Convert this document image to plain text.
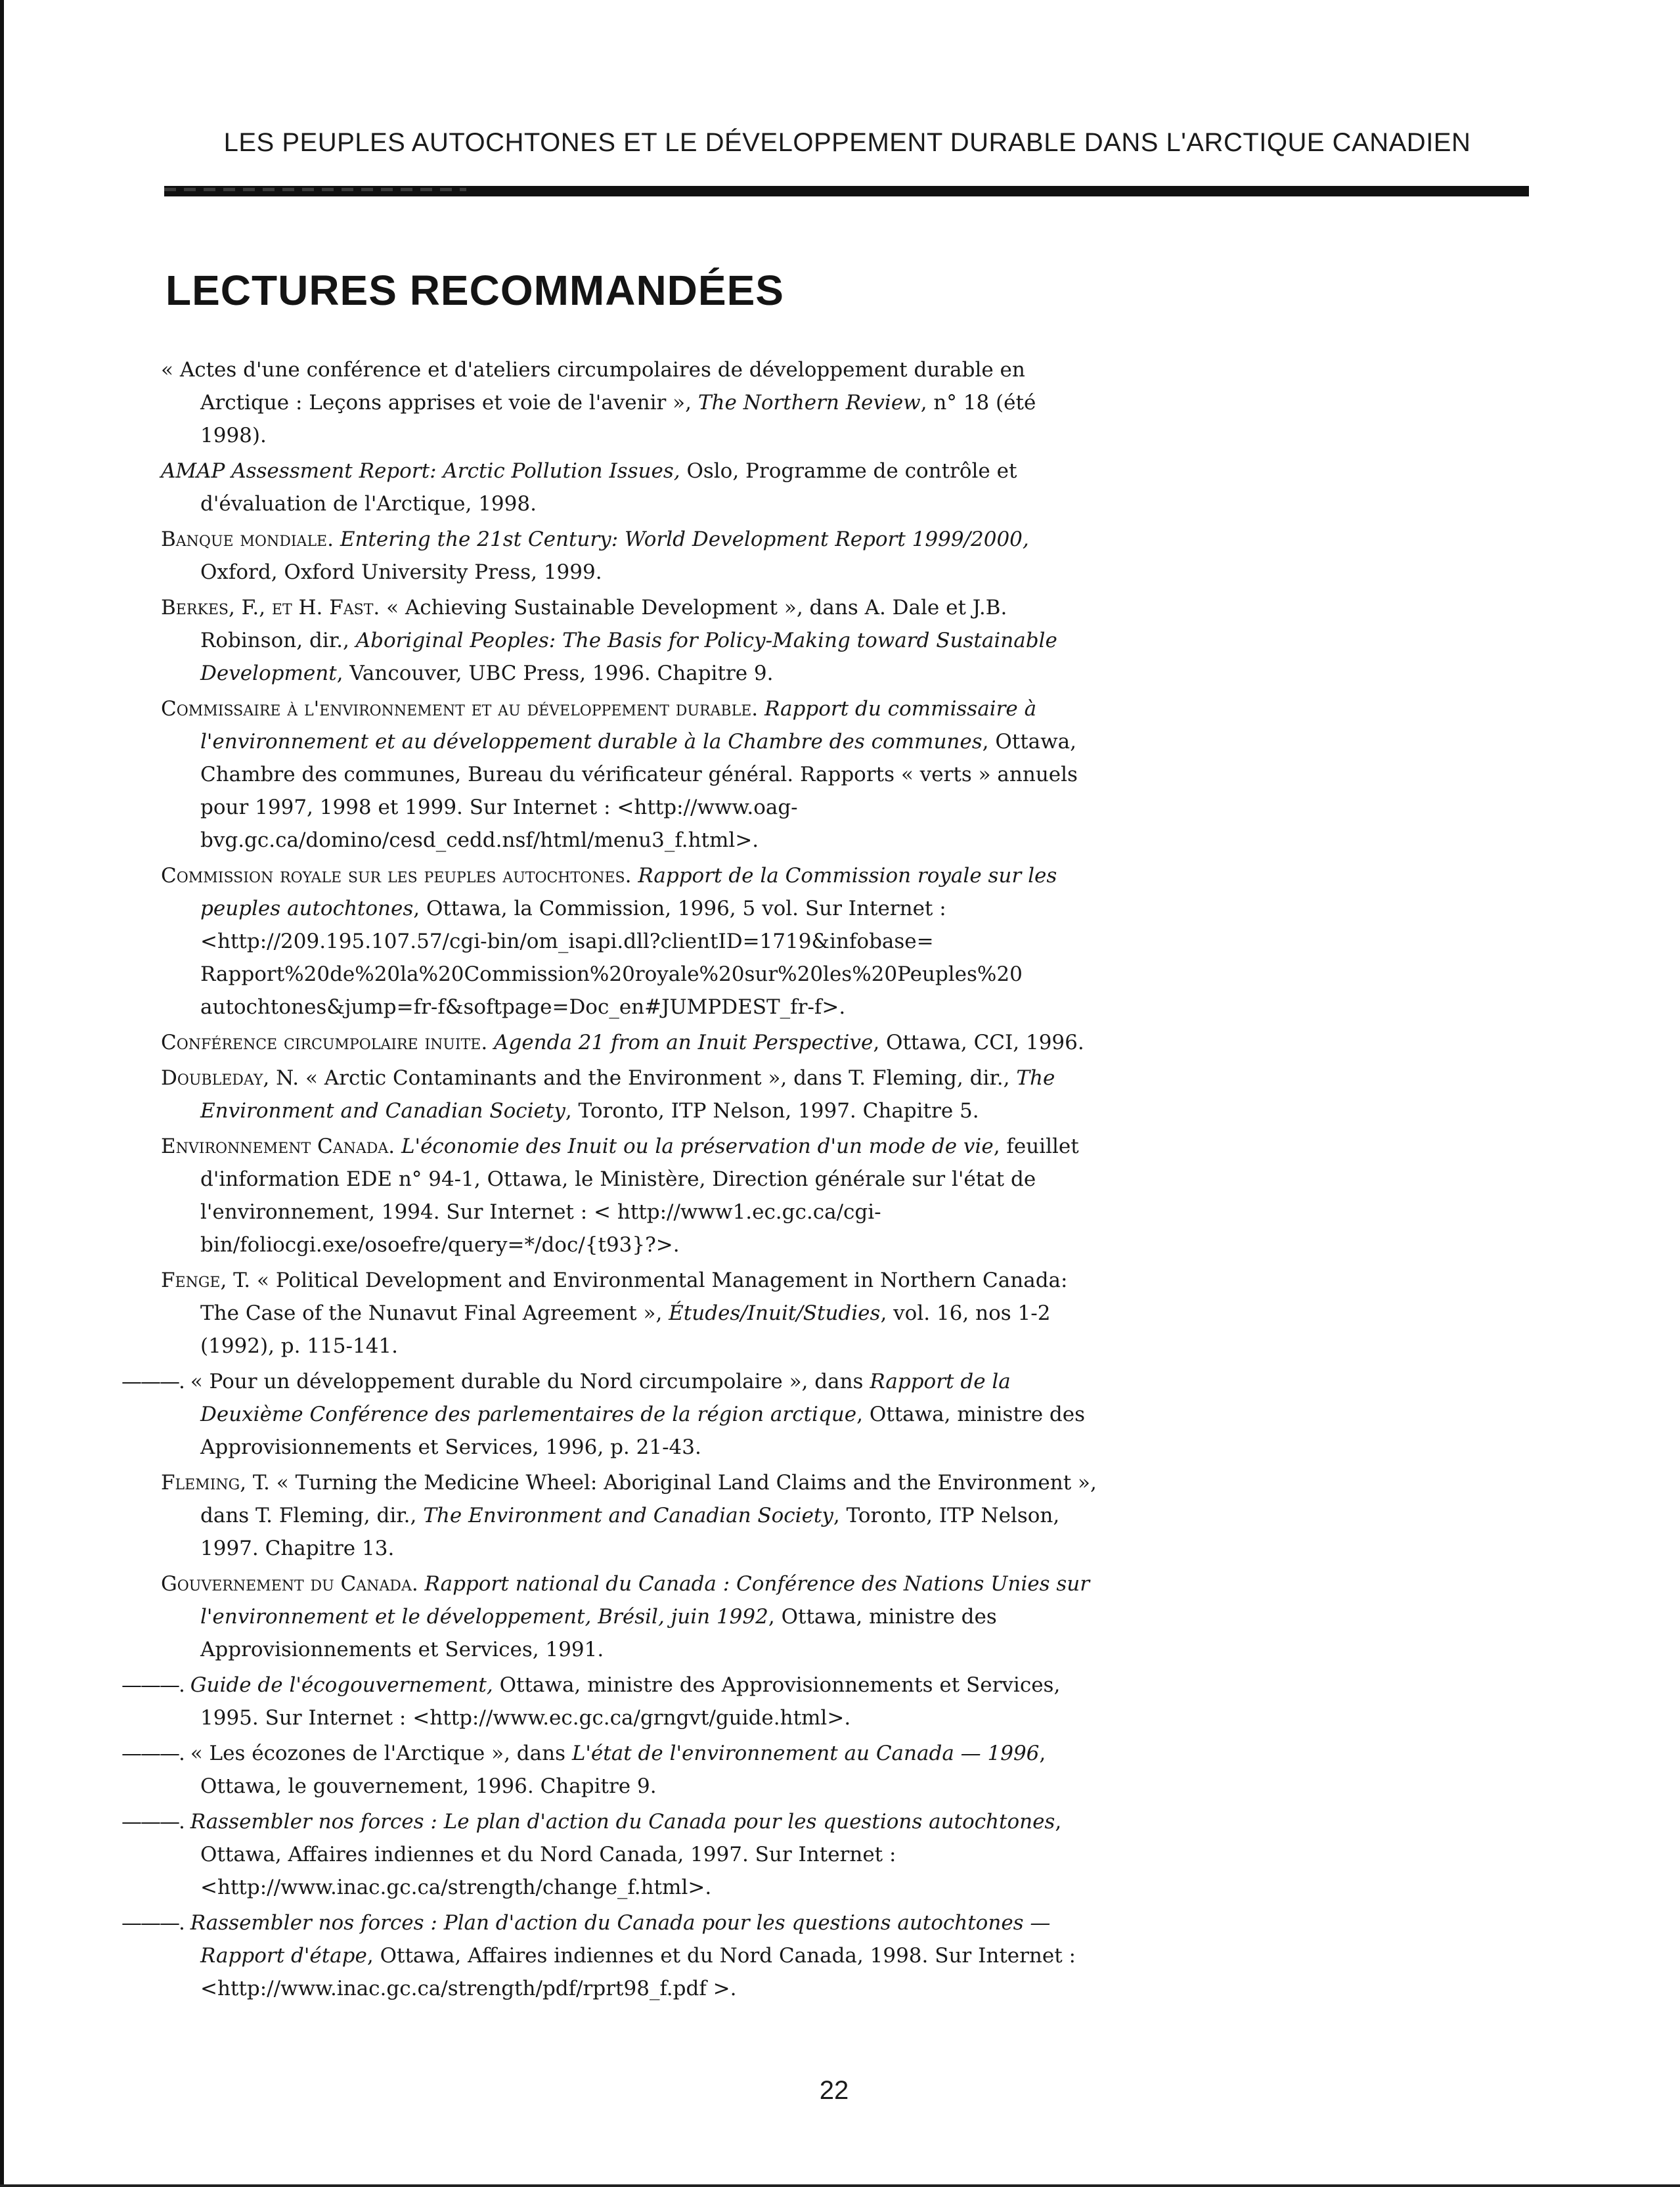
LES PEUPLES AUTOCHTONES ET LE DÉVELOPPEMENT DURABLE DANS L'ARCTIQUE CANADIEN
LECTURES RECOMMANDÉES
« Actes d'une conférence et d'ateliers circumpolaires de développement durable en Arctique : Leçons apprises et voie de l'avenir », The Northern Review, n° 18 (été 1998).
AMAP Assessment Report: Arctic Pollution Issues, Oslo, Programme de contrôle et d'évaluation de l'Arctique, 1998.
Banque mondiale. Entering the 21st Century: World Development Report 1999/2000, Oxford, Oxford University Press, 1999.
Berkes, F., et H. Fast. « Achieving Sustainable Development », dans A. Dale et J.B. Robinson, dir., Aboriginal Peoples: The Basis for Policy-Making toward Sustainable Development, Vancouver, UBC Press, 1996. Chapitre 9.
Commissaire à l'environnement et au développement durable. Rapport du commissaire à l'environnement et au développement durable à la Chambre des communes, Ottawa, Chambre des communes, Bureau du vérificateur général. Rapports « verts » annuels pour 1997, 1998 et 1999. Sur Internet : <http://www.oag-bvg.gc.ca/domino/cesd_cedd.nsf/html/menu3_f.html>.
Commission royale sur les peuples autochtones. Rapport de la Commission royale sur les peuples autochtones, Ottawa, la Commission, 1996, 5 vol. Sur Internet : <http://209.195.107.57/cgi-bin/om_isapi.dll?clientID=1719&infobase= Rapport%20de%20la%20Commission%20royale%20sur%20les%20Peuples%20 autochtones&jump=fr-f&softpage=Doc_en#JUMPDEST_fr-f>.
Conférence circumpolaire inuite. Agenda 21 from an Inuit Perspective, Ottawa, CCI, 1996.
Doubleday, N. « Arctic Contaminants and the Environment », dans T. Fleming, dir., The Environment and Canadian Society, Toronto, ITP Nelson, 1997. Chapitre 5.
Environnement Canada. L'économie des Inuit ou la préservation d'un mode de vie, feuillet d'information EDE n° 94-1, Ottawa, le Ministère, Direction générale sur l'état de l'environnement, 1994. Sur Internet : < http://www1.ec.gc.ca/cgi-bin/foliocgi.exe/osoefre/query=*/doc/{t93}?>.
Fenge, T. « Political Development and Environmental Management in Northern Canada: The Case of the Nunavut Final Agreement », Études/Inuit/Studies, vol. 16, nos 1-2 (1992), p. 115-141.
———. « Pour un développement durable du Nord circumpolaire », dans Rapport de la Deuxième Conférence des parlementaires de la région arctique, Ottawa, ministre des Approvisionnements et Services, 1996, p. 21-43.
Fleming, T. « Turning the Medicine Wheel: Aboriginal Land Claims and the Environment », dans T. Fleming, dir., The Environment and Canadian Society, Toronto, ITP Nelson, 1997. Chapitre 13.
Gouvernement du Canada. Rapport national du Canada : Conférence des Nations Unies sur l'environnement et le développement, Brésil, juin 1992, Ottawa, ministre des Approvisionnements et Services, 1991.
———. Guide de l'écogouvernement, Ottawa, ministre des Approvisionnements et Services, 1995. Sur Internet : <http://www.ec.gc.ca/grngvt/guide.html>.
———. « Les écozones de l'Arctique », dans L'état de l'environnement au Canada — 1996, Ottawa, le gouvernement, 1996. Chapitre 9.
———. Rassembler nos forces : Le plan d'action du Canada pour les questions autochtones, Ottawa, Affaires indiennes et du Nord Canada, 1997. Sur Internet : <http://www.inac.gc.ca/strength/change_f.html>.
———. Rassembler nos forces : Plan d'action du Canada pour les questions autochtones — Rapport d'étape, Ottawa, Affaires indiennes et du Nord Canada, 1998. Sur Internet : <http://www.inac.gc.ca/strength/pdf/rprt98_f.pdf >.
22
